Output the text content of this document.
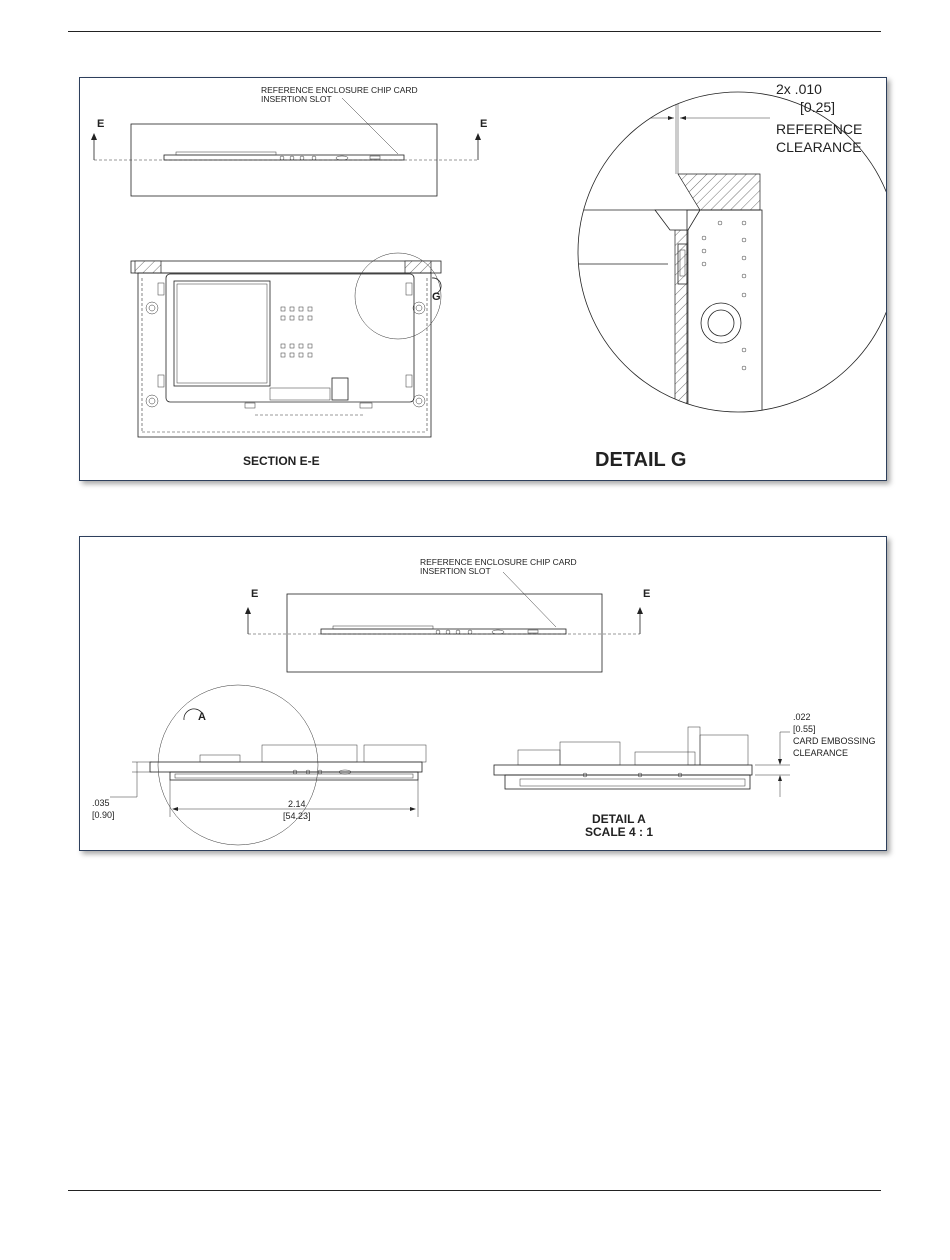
REFERENCE ENCLOSURE CHIP CARD
INSERTION SLOT
E	E
G
SECTION E-E
2x .010
[0.25]
REFERENCE
CLEARANCE
DETAIL G
REFERENCE ENCLOSURE CHIP CARD
INSERTION SLOT
E	E
A
.035
[0.90]
2.14
[54.23]
.022
[0.55]
CARD EMBOSSING
CLEARANCE
DETAIL A
SCALE 4 : 1
